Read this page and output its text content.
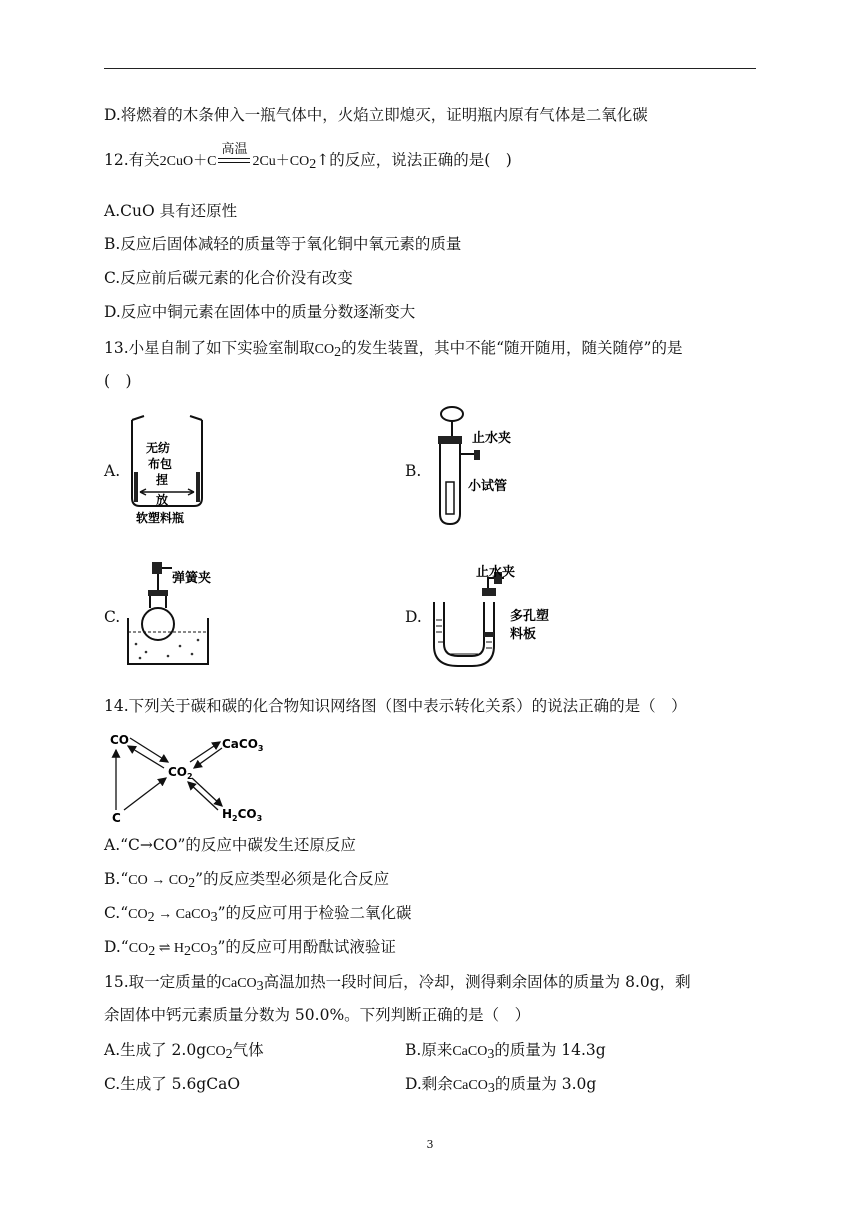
D.将燃着的木条伸入一瓶气体中，火焰立即熄灭，证明瓶内原有气体是二氧化碳
12.有关2CuO＋C
高温
$2Cu+CO_2↑$的反应，说法正确的是(　)
A.CuO 具有还原性
B.反应后固体减轻的质量等于氧化铜中氧元素的质量
C.反应前后碳元素的化合价没有改变
D.反应中铜元素在固体中的质量分数逐渐变大
13.小星自制了如下实验室制取$CO_2$的发生装置，其中不能“随开随用，随关随停”的是
(　)
A.
无纺
布包
捏
放
软塑料瓶
B.
止水夹
小试管
C.
弹簧夹
D.
止水夹
多孔塑
料板
14.下列关于碳和碳的化合物知识网络图（图中表示转化关系）的说法正确的是（　）
CO
$CO_2$
CaCO$_3$
$H_2CO_3$
C
A.“C→CO”的反应中碳发生还原反应
B.“CO → $CO_2$”的反应类型必须是化合反应
$C.“CO_2$ → CaCO$_3$”的反应可用于检验二氧化碳
$D.“CO_2$ ⇌ $H_2CO_3$”的反应可用酚酞试液验证
15.取一定质量的CaCO$_3$高温加热一段时间后，冷却，测得剩余固体的质量为 8.0g，剩
余固体中钙元素质量分数为 50.0%。下列判断正确的是（　）
A.生成了 2.0gCO$_2$气体	B.原来CaCO$_3$的质量为 14.3g
C.生成了 5.6gCaO	D.剩余CaCO$_3$的质量为 3.0g
3
